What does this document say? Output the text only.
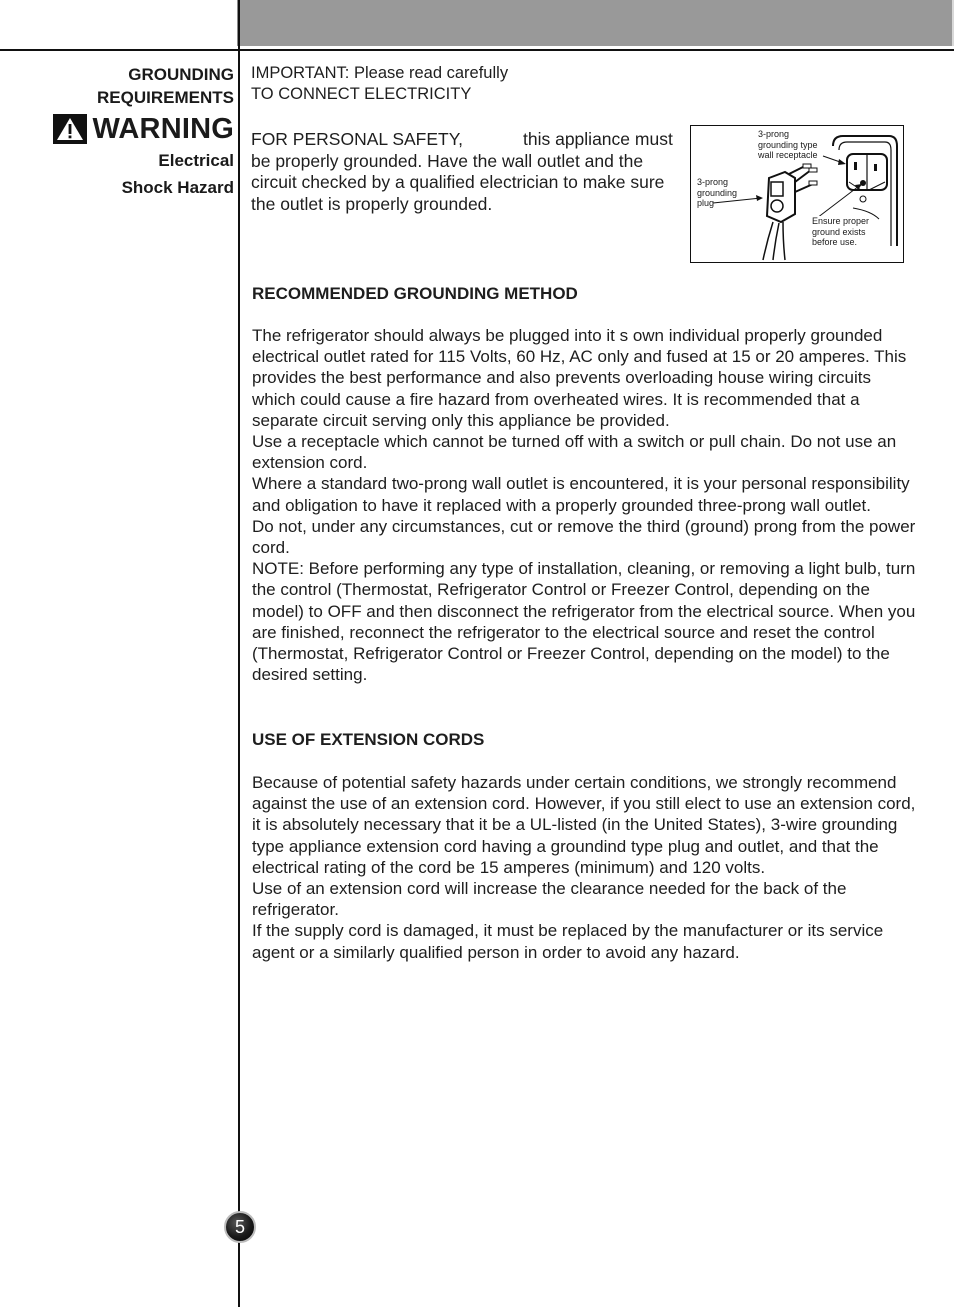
GROUNDING
REQUIREMENTS
WARNING
Electrical
Shock Hazard

IMPORTANT: Please read carefully

TO CONNECT ELECTRICITY

FOR PERSONAL SAFETY,	this appliance must be properly grounded. Have the wall outlet and the circuit checked by a qualified electrician to make sure the outlet is properly grounded.

3-prong
grounding type
wall receptacle
3-prong
grounding
plug
Ensure proper
ground exists
before use.

RECOMMENDED GROUNDING METHOD

The refrigerator should always be plugged into it s own individual properly grounded electrical outlet rated for 115 Volts, 60 Hz, AC only and fused at 15 or 20 amperes. This provides the best performance and also prevents overloading house wiring circuits which could cause a fire hazard from overheated wires. It is recommended that a separate circuit serving only this appliance be provided.

Use a receptacle which cannot be turned off with a switch or pull chain. Do not use an extension cord.

Where a standard two-prong wall outlet is encountered, it is your personal responsibility and obligation to have it replaced with a properly grounded three-prong wall outlet.

Do not, under any circumstances, cut or remove the third (ground) prong from the power cord.

NOTE: Before performing any type of installation, cleaning, or removing a light bulb, turn the control (Thermostat, Refrigerator Control or Freezer Control, depending on the model) to OFF and then disconnect the refrigerator from the electrical source. When you are finished, reconnect the refrigerator to the electrical source and reset the control (Thermostat, Refrigerator Control or Freezer Control, depending on the model) to the desired setting.

USE OF EXTENSION CORDS

Because of potential safety hazards under certain conditions, we strongly recommend against the use of an extension cord. However, if you still elect to use an extension cord, it is absolutely necessary that it be a UL-listed (in the United States), 3-wire grounding type appliance extension cord having a groundind type plug and outlet, and that the electrical rating of the cord be 15 amperes (minimum) and 120 volts.

Use of an extension cord will increase the clearance needed for the back of the refrigerator.

If the supply cord is damaged, it must be replaced by the manufacturer or its service agent or a similarly qualified person in order to avoid any hazard.

5
